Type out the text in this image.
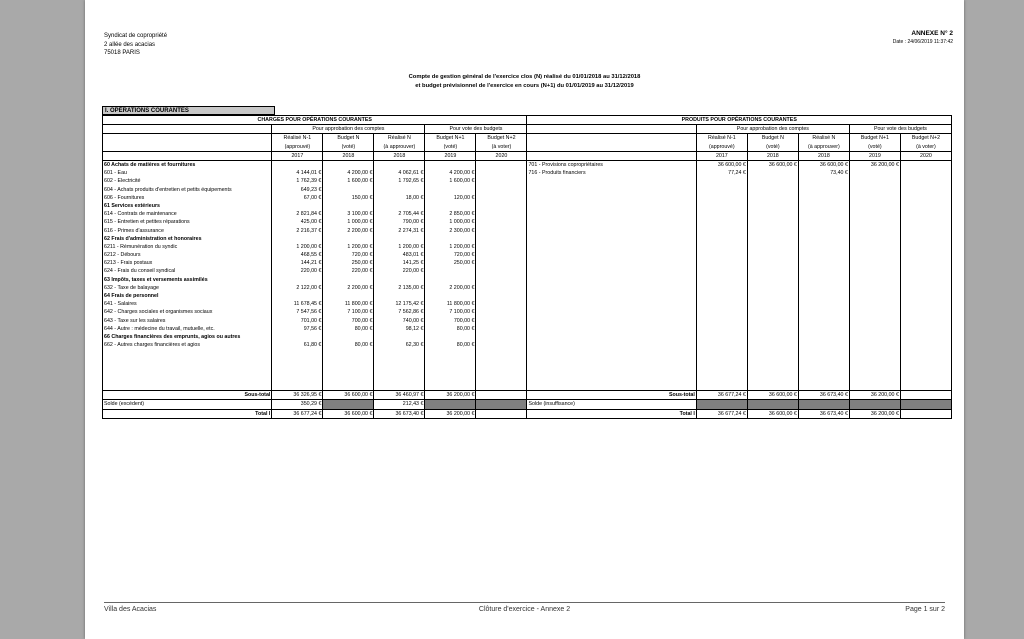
Syndicat de copropriété
2 allée des acacias
75018 PARIS
ANNEXE N° 2
Date : 24/06/2019 11:37:42
Compte de gestion général de l'exercice clos (N) réalisé du 01/01/2018 au 31/12/2018
et budget prévisionnel de l'exercice en cours (N+1) du 01/01/2019 au 31/12/2019
I. OPÉRATIONS COURANTES
CHARGES POUR OPÉRATIONS COURANTES						PRODUITS POUR OPÉRATIONS COURANTES					
	Pour approbation des comptes			Pour vote des budgets			Pour approbation des comptes			Pour vote des budgets	
	Réalisé N-1	Budget N	Réalisé N	Budget N+1	Budget N+2		Réalisé N-1	Budget N	Réalisé N	Budget N+1	Budget N+2
	(approuvé)	(voté)	(à approuver)	(voté)	(à voter)		(approuvé)	(voté)	(à approuver)	(voté)	(à voter)
	2017	2018	2018	2019	2020		2017	2018	2018	2019	2020
60 Achats de matières et fournitures						701 - Provisions copropriétaires	36 600,00 €	36 600,00 €	36 600,00 €	36 200,00 €	
601 - Eau	4 144,01 €	4 200,00 €	4 062,61 €	4 200,00 €		716 - Produits financiers	77,24 €		73,40 €		
602 - Electricité	1 762,39 €	1 600,00 €	1 792,65 €	1 600,00 €							
604 - Achats produits d'entretien et petits équipements	649,23 €										
606 - Fournitures	67,00 €	150,00 €	18,00 €	120,00 €							
61 Services extérieurs											
614 - Contrats de maintenance	2 821,84 €	3 100,00 €	2 705,44 €	2 850,00 €							
615 - Entretien et petites réparations	425,00 €	1 000,00 €	790,00 €	1 000,00 €							
616 - Primes d'assurance	2 216,37 €	2 200,00 €	2 274,31 €	2 300,00 €							
62 Frais d'administration et honoraires											
6211 - Rémunération du syndic	1 200,00 €	1 200,00 €	1 200,00 €	1 200,00 €							
6212 - Débours	468,55 €	720,00 €	483,01 €	720,00 €							
6213 - Frais postaux	144,21 €	250,00 €	141,25 €	250,00 €							
624 - Frais du conseil syndical	220,00 €	220,00 €	220,00 €								
63 Impôts, taxes et versements assimilés											
632 - Taxe de balayage	2 122,00 €	2 200,00 €	2 135,00 €	2 200,00 €							
64 Frais de personnel											
641 - Salaires	11 678,45 €	11 800,00 €	12 175,42 €	11 800,00 €							
642 - Charges sociales et organismes sociaux	7 547,56 €	7 100,00 €	7 562,86 €	7 100,00 €							
643 - Taxe sur les salaires	701,00 €	700,00 €	740,00 €	700,00 €							
644 - Autre : médecine du travail, mutuelle, etc.	97,56 €	80,00 €	98,12 €	80,00 €							
66 Charges financières des emprunts, agios ou autres											
662 - Autres charges financières et agios	61,80 €	80,00 €	62,30 €	80,00 €							

Sous-total	36 326,95 €	36 600,00 €	36 460,97 €	36 200,00 €		Sous-total	36 677,24 €	36 600,00 €	36 673,40 €	36 200,00 €	
Solde (excédent)	350,29 €		212,43 €			Solde (insuffisance)					
Total I	36 677,24 €	36 600,00 €	36 673,40 €	36 200,00 €		Total I	36 677,24 €	36 600,00 €	36 673,40 €	36 200,00 €	
Villa des Acacias	Clôture d'exercice - Annexe 2	Page 1 sur 2
